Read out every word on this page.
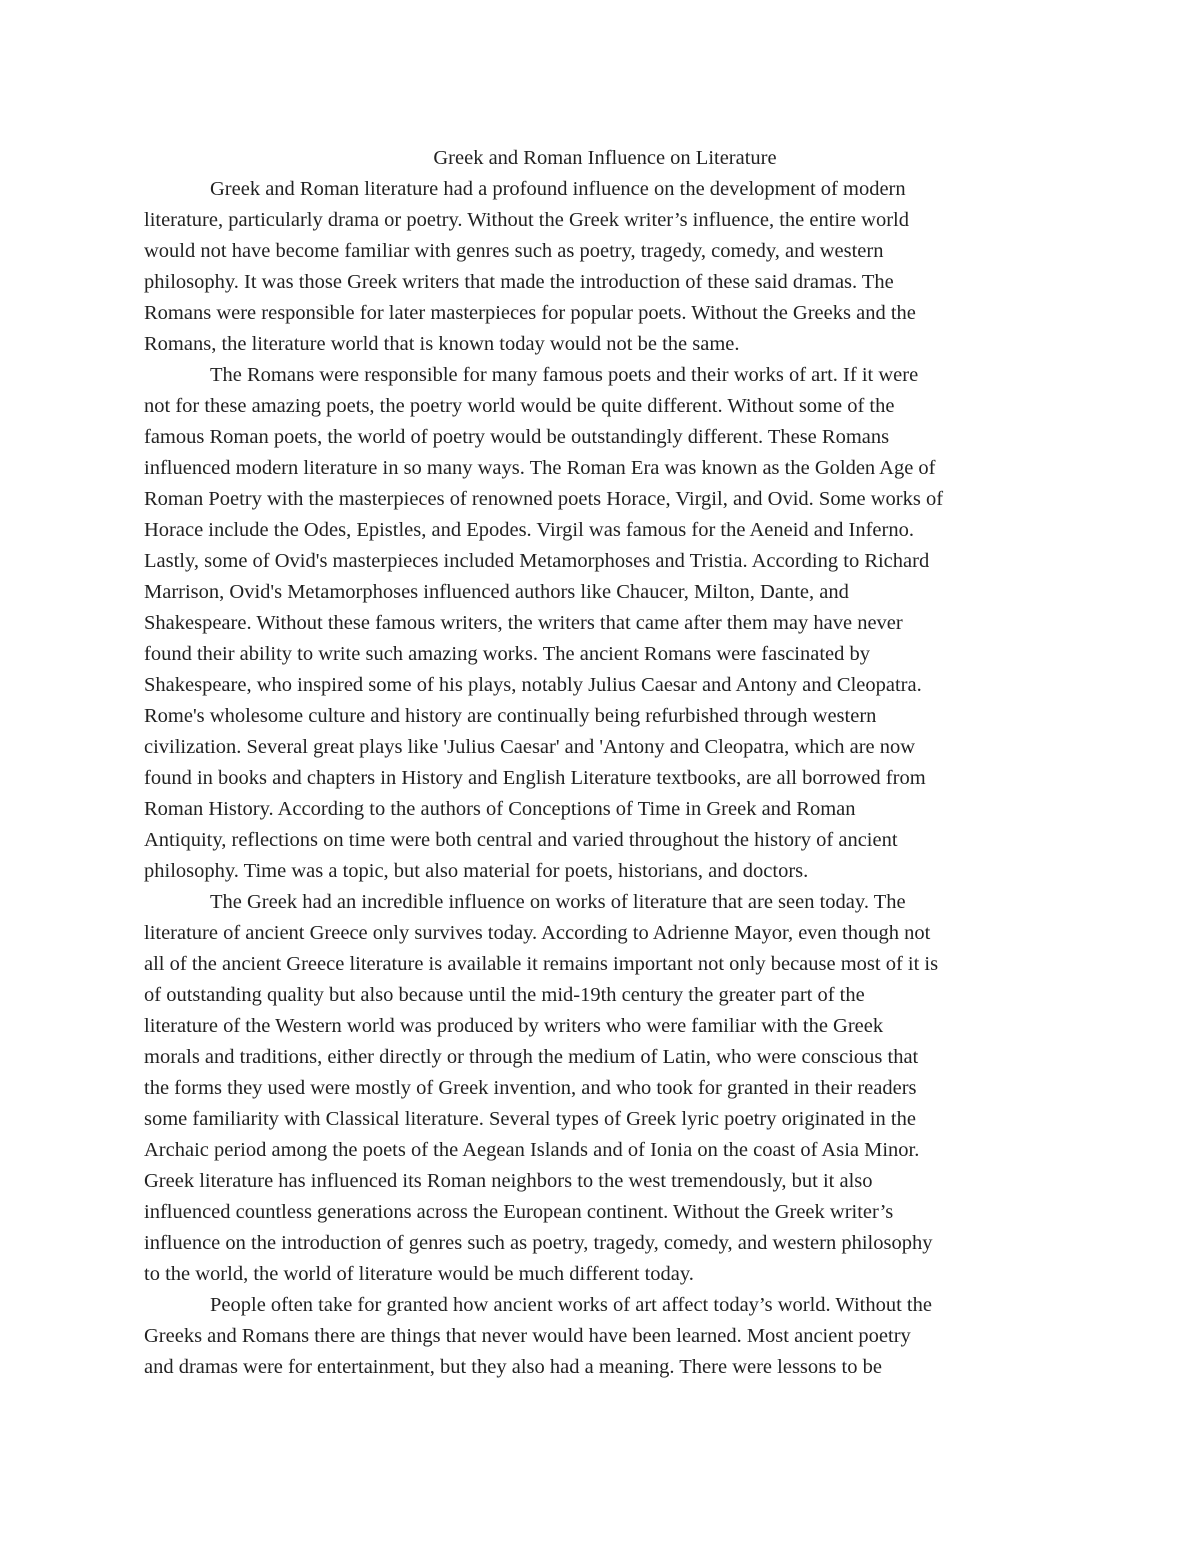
Greek and Roman Influence on Literature
Greek and Roman literature had a profound influence on the development of modern
literature, particularly drama or poetry. Without the Greek writer’s influence, the entire world
would not have become familiar with genres such as poetry, tragedy, comedy, and western
philosophy. It was those Greek writers that made the introduction of these said dramas. The
Romans were responsible for later masterpieces for popular poets. Without the Greeks and the
Romans, the literature world that is known today would not be the same.
The Romans were responsible for many famous poets and their works of art. If it were
not for these amazing poets, the poetry world would be quite different. Without some of the
famous Roman poets, the world of poetry would be outstandingly different. These Romans
influenced modern literature in so many ways. The Roman Era was known as the Golden Age of
Roman Poetry with the masterpieces of renowned poets Horace, Virgil, and Ovid. Some works of
Horace include the Odes, Epistles, and Epodes. Virgil was famous for the Aeneid and Inferno.
Lastly, some of Ovid's masterpieces included Metamorphoses and Tristia. According to Richard
Marrison, Ovid's Metamorphoses influenced authors like Chaucer, Milton, Dante, and
Shakespeare. Without these famous writers, the writers that came after them may have never
found their ability to write such amazing works. The ancient Romans were fascinated by
Shakespeare, who inspired some of his plays, notably Julius Caesar and Antony and Cleopatra.
Rome's wholesome culture and history are continually being refurbished through western
civilization. Several great plays like 'Julius Caesar' and 'Antony and Cleopatra, which are now
found in books and chapters in History and English Literature textbooks, are all borrowed from
Roman History. According to the authors of Conceptions of Time in Greek and Roman
Antiquity, reflections on time were both central and varied throughout the history of ancient
philosophy. Time was a topic, but also material for poets, historians, and doctors.
The Greek had an incredible influence on works of literature that are seen today. The
literature of ancient Greece only survives today. According to Adrienne Mayor, even though not
all of the ancient Greece literature is available it remains important not only because most of it is
of outstanding quality but also because until the mid-19th century the greater part of the
literature of the Western world was produced by writers who were familiar with the Greek
morals and traditions, either directly or through the medium of Latin, who were conscious that
the forms they used were mostly of Greek invention, and who took for granted in their readers
some familiarity with Classical literature. Several types of Greek lyric poetry originated in the
Archaic period among the poets of the Aegean Islands and of Ionia on the coast of Asia Minor.
Greek literature has influenced its Roman neighbors to the west tremendously, but it also
influenced countless generations across the European continent. Without the Greek writer’s
influence on the introduction of genres such as poetry, tragedy, comedy, and western philosophy
to the world, the world of literature would be much different today.
People often take for granted how ancient works of art affect today’s world. Without the
Greeks and Romans there are things that never would have been learned. Most ancient poetry
and dramas were for entertainment, but they also had a meaning. There were lessons to be
